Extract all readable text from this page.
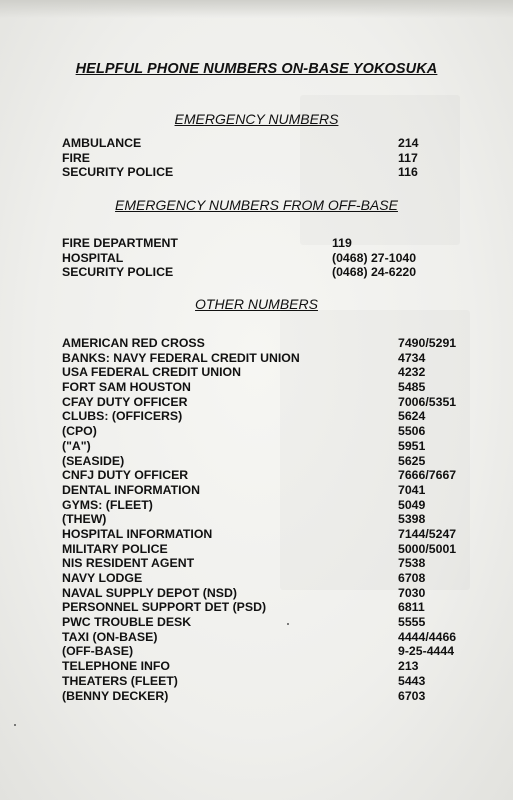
HELPFUL PHONE NUMBERS ON-BASE YOKOSUKA
EMERGENCY NUMBERS
AMBULANCE	214
FIRE	117
SECURITY POLICE	116
EMERGENCY NUMBERS FROM OFF-BASE
FIRE DEPARTMENT	119
HOSPITAL	(0468) 27-1040
SECURITY POLICE	(0468) 24-6220
OTHER NUMBERS
AMERICAN RED CROSS	7490/5291
BANKS: NAVY FEDERAL CREDIT UNION	4734
USA FEDERAL CREDIT UNION	4232
FORT SAM HOUSTON	5485
CFAY DUTY OFFICER	7006/5351
CLUBS: (OFFICERS)	5624
(CPO)	5506
("A")	5951
(SEASIDE)	5625
CNFJ DUTY OFFICER	7666/7667
DENTAL INFORMATION	7041
GYMS: (FLEET)	5049
(THEW)	5398
HOSPITAL INFORMATION	7144/5247
MILITARY POLICE	5000/5001
NIS RESIDENT AGENT	7538
NAVY LODGE	6708
NAVAL SUPPLY DEPOT (NSD)	7030
PERSONNEL SUPPORT DET (PSD)	6811
PWC TROUBLE DESK	5555
TAXI (ON-BASE)	4444/4466
(OFF-BASE)	9-25-4444
TELEPHONE INFO	213
THEATERS (FLEET)	5443
(BENNY DECKER)	6703
